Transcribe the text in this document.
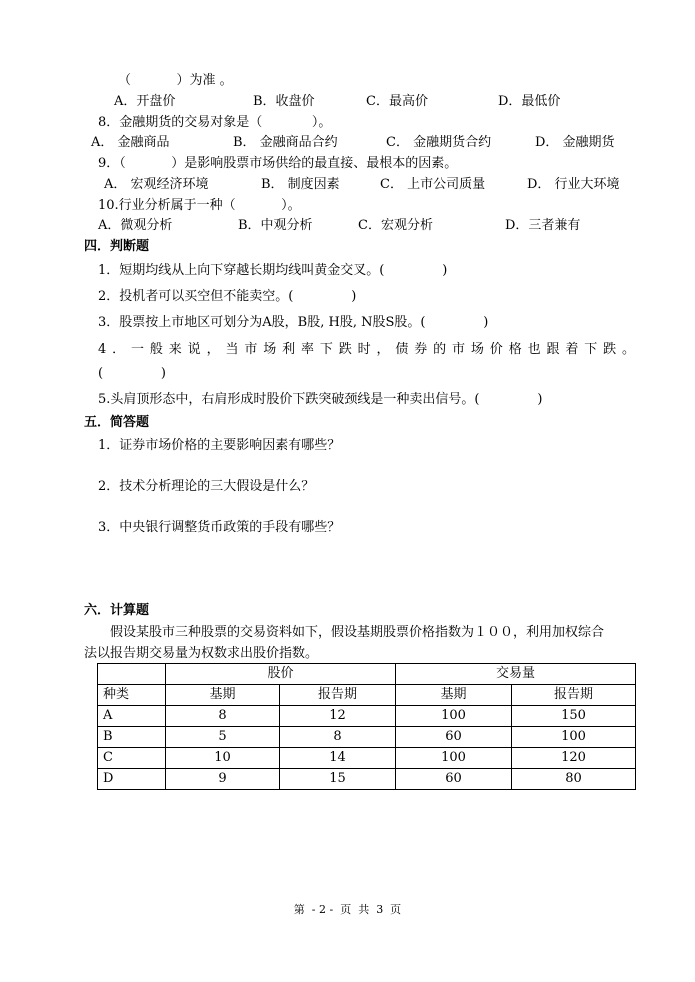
（           ）为准 。
A．开盘价	B．收盘价	C．最高价	D．最低价
8．金融期货的交易对象是（            ）。
A． 金融商品	B． 金融商品合约	C． 金融期货合约	D． 金融期货
9．（           ）是影响股票市场供给的最直接、最根本的因素。
A． 宏观经济环境	B． 制度因素	C． 上市公司质量	D． 行业大环境
10.行业分析属于一种（           ）。
A．微观分析	B．中观分析	C．宏观分析	D．三者兼有
四．判断题
1．短期均线从上向下穿越长期均线叫黄金交叉。(              )
2．投机者可以买空但不能卖空。(              )
3．股票按上市地区可划分为A股，B股, H股, N股S股。(              )
4．一般来说，当市场利率下跌时，债券的市场价格也跟着下跌。
(              )
5.头肩顶形态中，右肩形成时股价下跌突破颈线是一种卖出信号。(              )
五．简答题
1．证券市场价格的主要影响因素有哪些？
2．技术分析理论的三大假设是什么？
3．中央银行调整货币政策的手段有哪些？
六．计算题
假设某股市三种股票的交易资料如下，假设基期股票价格指数为１００，利用加权综合
法以报告期交易量为权数求出股价指数。
	股价		交易量	
种类	基期	报告期	基期	报告期
A	8	12	100	150
B	5	8	60	100
C	10	14	100	120
D	9	15	60	80
第  - 2 -  页  共  3  页
